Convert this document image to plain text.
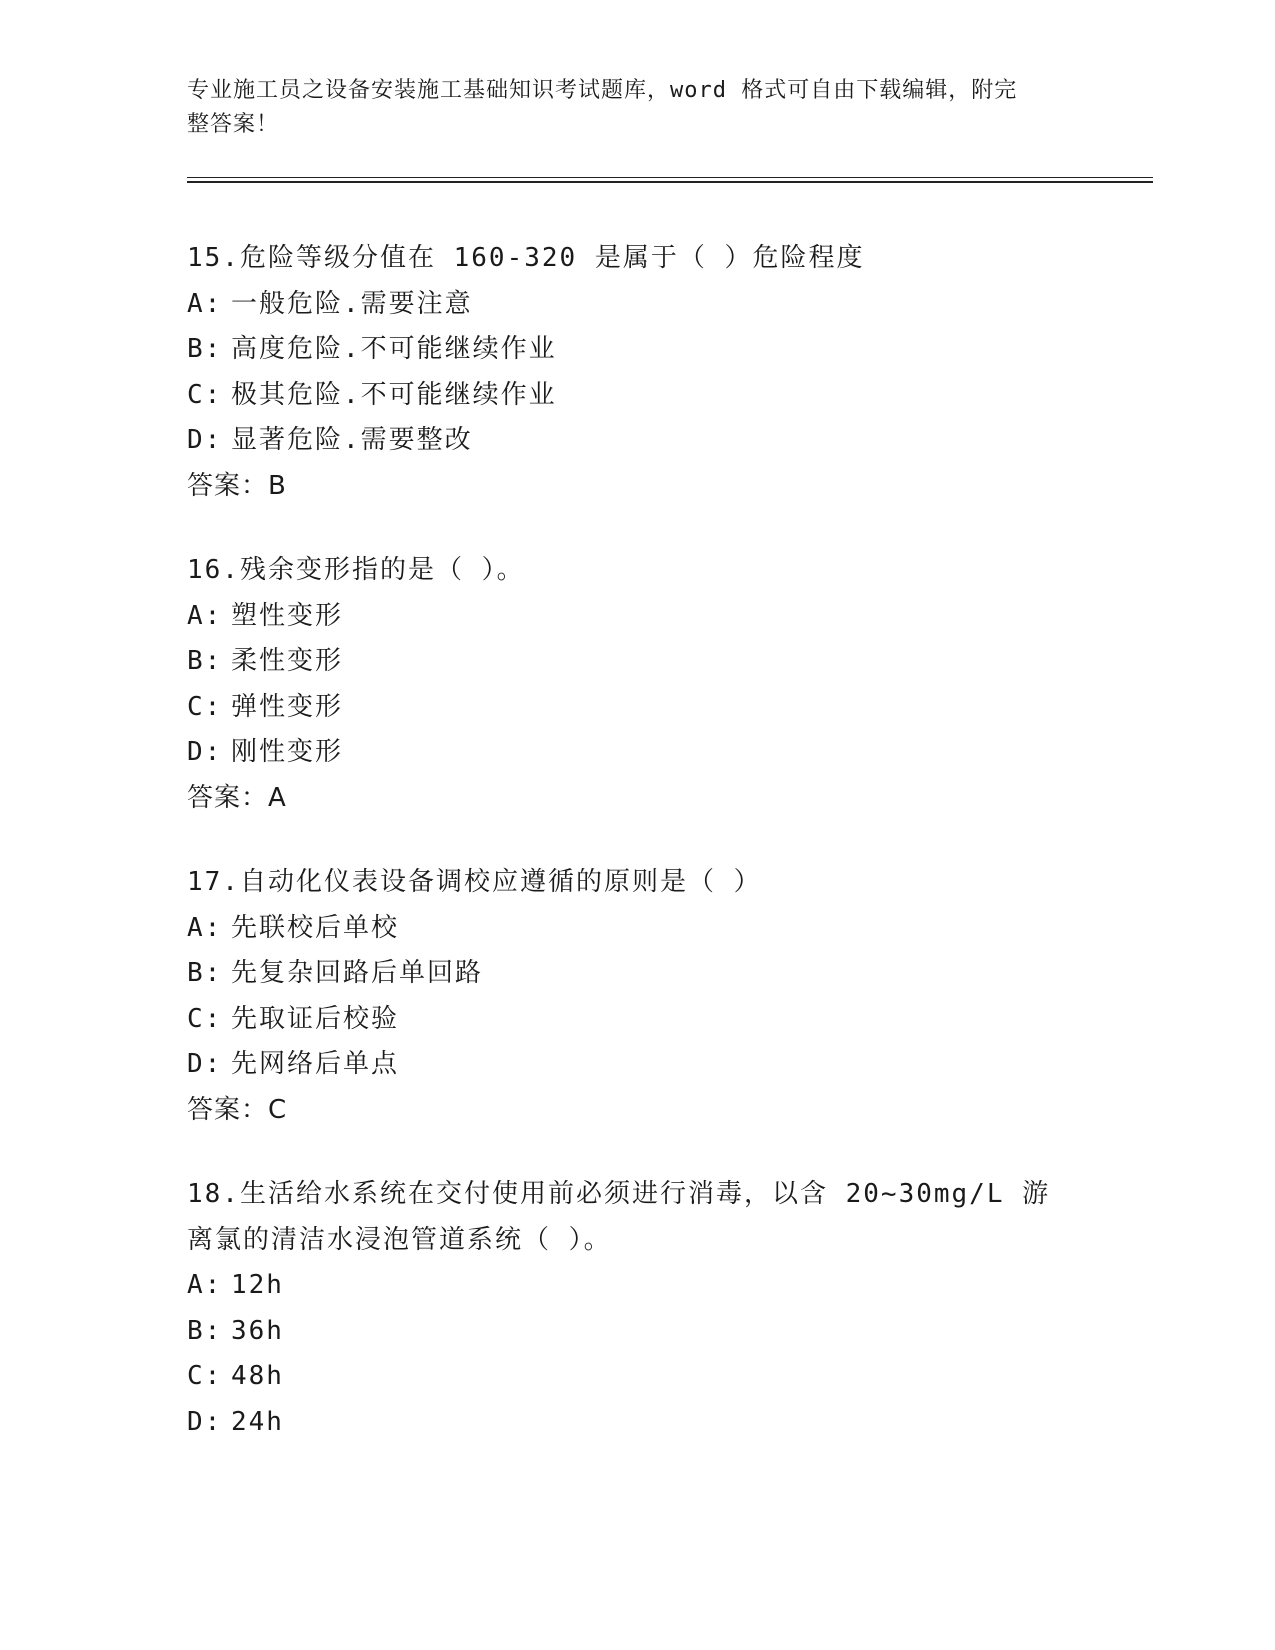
专业施工员之设备安装施工基础知识考试题库，word 格式可自由下载编辑，附完
整答案！
15.危险等级分值在 160-320 是属于（ ）危险程度
A: 一般危险.需要注意
B: 高度危险.不可能继续作业
C: 极其危险.不可能继续作业
D: 显著危险.需要整改
答案：B
16.残余变形指的是（ ）。
A: 塑性变形
B: 柔性变形
C: 弹性变形
D: 刚性变形
答案：A
17.自动化仪表设备调校应遵循的原则是（ ）
A: 先联校后单校
B: 先复杂回路后单回路
C: 先取证后校验
D: 先网络后单点
答案：C
18.生活给水系统在交付使用前必须进行消毒，以含 20~30mg/L 游离氯的清洁水浸泡管道系统（ ）。
A: 12h
B: 36h
C: 48h
D: 24h
